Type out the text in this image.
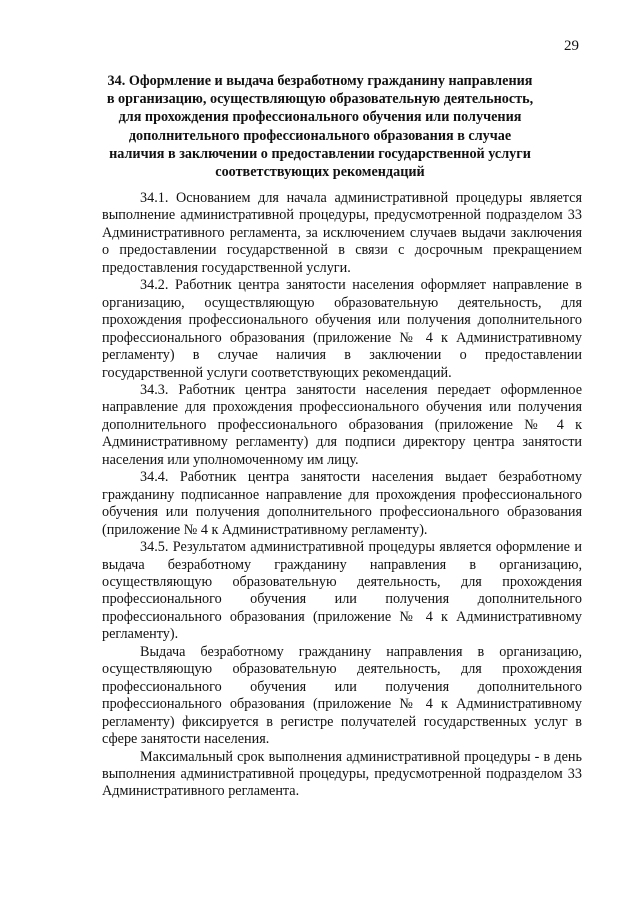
29
34. Оформление и выдача безработному гражданину направления в организацию, осуществляющую образовательную деятельность, для прохождения профессионального обучения или получения дополнительного профессионального образования в случае наличия в заключении о предоставлении государственной услуги соответствующих рекомендаций

34.1. Основанием для начала административной процедуры является выполнение административной процедуры, предусмотренной подразделом 33 Административного регламента, за исключением случаев выдачи заключения о предоставлении государственной в связи с досрочным прекращением предоставления государственной услуги.

34.2. Работник центра занятости населения оформляет направление в организацию, осуществляющую образовательную деятельность, для прохождения профессионального обучения или получения дополнительного профессионального образования (приложение № 4 к Административному регламенту) в случае наличия в заключении о предоставлении государственной услуги соответствующих рекомендаций.

34.3. Работник центра занятости населения передает оформленное направление для прохождения профессионального обучения или получения дополнительного профессионального образования (приложение № 4 к Административному регламенту) для подписи директору центра занятости населения или уполномоченному им лицу.

34.4. Работник центра занятости населения выдает безработному гражданину подписанное направление для прохождения профессионального обучения или получения дополнительного профессионального образования (приложение № 4 к Административному регламенту).

34.5. Результатом административной процедуры является оформление и выдача безработному гражданину направления в организацию, осуществляющую образовательную деятельность, для прохождения профессионального обучения или получения дополнительного профессионального образования (приложение № 4 к Административному регламенту).

Выдача безработному гражданину направления в организацию, осуществляющую образовательную деятельность, для прохождения профессионального обучения или получения дополнительного профессионального образования (приложение № 4 к Административному регламенту) фиксируется в регистре получателей государственных услуг в сфере занятости населения.

Максимальный срок выполнения административной процедуры - в день выполнения административной процедуры, предусмотренной подразделом 33 Административного регламента.
